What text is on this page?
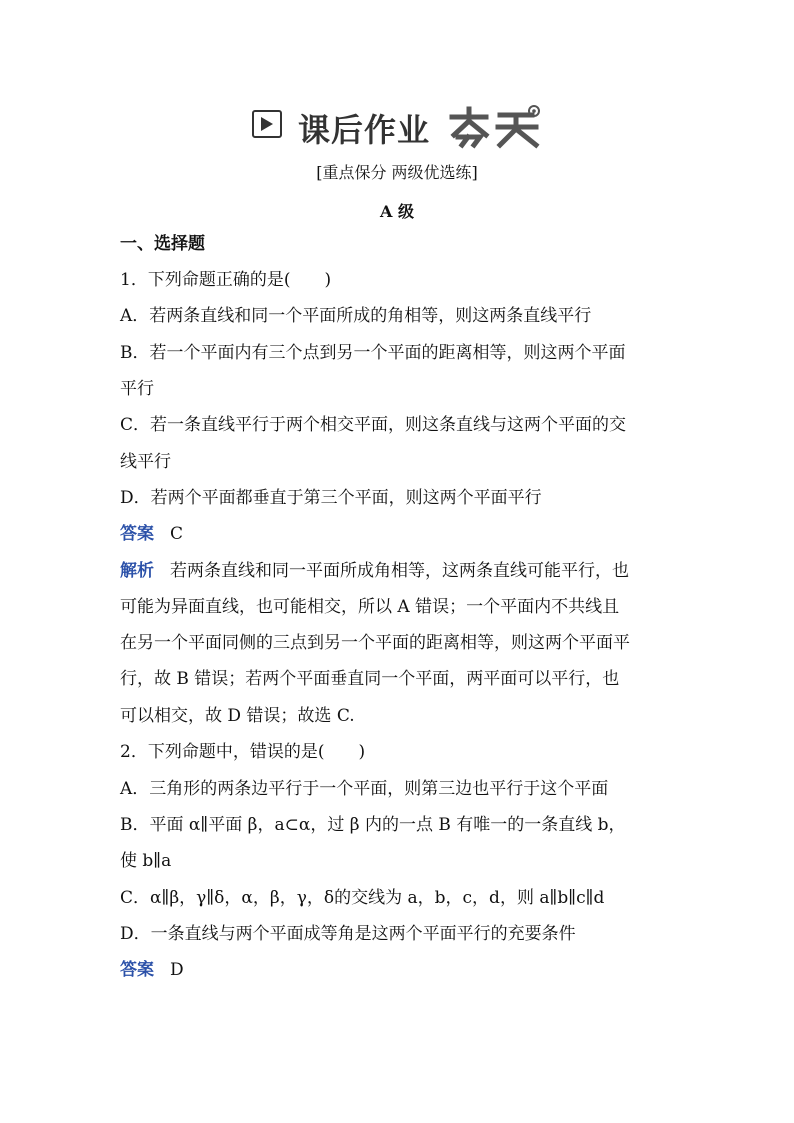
课后作业
[重点保分 两级优选练]
A 级
一、选择题
1．下列命题正确的是(　　)
A．若两条直线和同一个平面所成的角相等，则这两条直线平行
B．若一个平面内有三个点到另一个平面的距离相等，则这两个平面
平行
C．若一条直线平行于两个相交平面，则这条直线与这两个平面的交
线平行
D．若两个平面都垂直于第三个平面，则这两个平面平行
答案 C
解析 若两条直线和同一平面所成角相等，这两条直线可能平行，也
可能为异面直线，也可能相交，所以 A 错误；一个平面内不共线且
在另一个平面同侧的三点到另一个平面的距离相等，则这两个平面平
行，故 B 错误；若两个平面垂直同一个平面，两平面可以平行，也
可以相交，故 D 错误；故选 C.
2．下列命题中，错误的是(　　)
A．三角形的两条边平行于一个平面，则第三边也平行于这个平面
B．平面 α∥平面 β，a⊂α，过 β 内的一点 B 有唯一的一条直线 b，
使 b∥a
C．α∥β，γ∥δ，α，β，γ，δ的交线为 a，b，c，d，则 a∥b∥c∥d
D．一条直线与两个平面成等角是这两个平面平行的充要条件
答案 D
